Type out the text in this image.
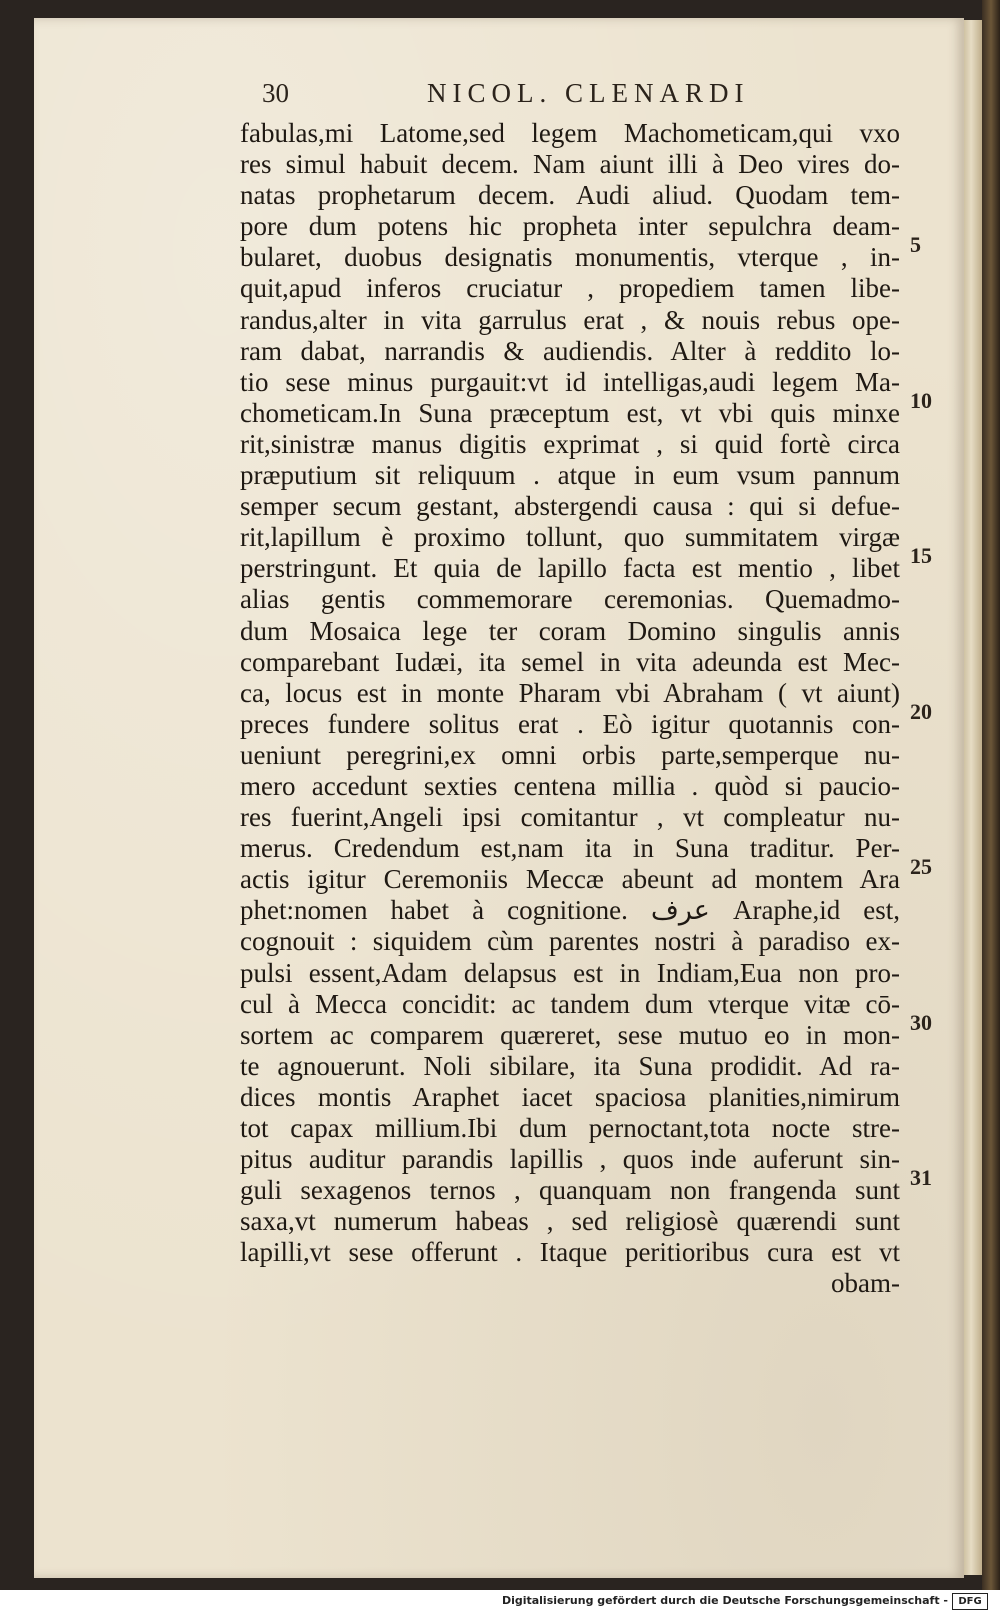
30	NICOL. CLENARDI
fabulas,mi Latome,sed legem Machometicam,qui vxo
res simul habuit decem. Nam aiunt illi à Deo vires do-
natas prophetarum decem. Audi aliud. Quodam tem-
pore dum potens hic propheta inter sepulchra deam-
bularet, duobus designatis monumentis, vterque , in-
quit,apud inferos cruciatur , propediem tamen libe-
randus,alter in vita garrulus erat , & nouis rebus ope-
ram dabat, narrandis & audiendis. Alter à reddito lo-
tio sese minus purgauit:vt id intelligas,audi legem Ma-
chometicam.In Suna præceptum est, vt vbi quis minxe
rit,sinistræ manus digitis exprimat , si quid fortè circa
præputium sit reliquum . atque in eum vsum pannum
semper secum gestant, abstergendi causa : qui si defue-
rit,lapillum è proximo tollunt, quo summitatem virgæ
perstringunt. Et quia de lapillo facta est mentio , libet
alias gentis commemorare ceremonias. Quemadmo-
dum Mosaica lege ter coram Domino singulis annis
comparebant Iudæi, ita semel in vita adeunda est Mec-
ca, locus est in monte Pharam vbi Abraham ( vt aiunt)
preces fundere solitus erat . Eò igitur quotannis con-
ueniunt peregrini,ex omni orbis parte,semperque nu-
mero accedunt sexties centena millia . quòd si paucio-
res fuerint,Angeli ipsi comitantur , vt compleatur nu-
merus. Credendum est,nam ita in Suna traditur. Per-
actis igitur Ceremoniis Meccæ abeunt ad montem Ara
phet:nomen habet à cognitione. عرف Araphe,id est,
cognouit : siquidem cùm parentes nostri à paradiso ex-
pulsi essent,Adam delapsus est in Indiam,Eua non pro-
cul à Mecca concidit: ac tandem dum vterque vitæ cō-
sortem ac comparem quæreret, sese mutuo eo in mon-
te agnouerunt. Noli sibilare, ita Suna prodidit. Ad ra-
dices montis Araphet iacet spaciosa planities,nimirum
tot capax millium.Ibi dum pernoctant,tota nocte stre-
pitus auditur parandis lapillis , quos inde auferunt sin-
guli sexagenos ternos , quanquam non frangenda sunt
saxa,vt numerum habeas , sed religiosè quærendi sunt
lapilli,vt sese offerunt . Itaque peritioribus cura est vt
obam-
5
10
15
20
25
30
31
Digitalisierung gefördert durch die Deutsche Forschungsgemeinschaft -	DFG
